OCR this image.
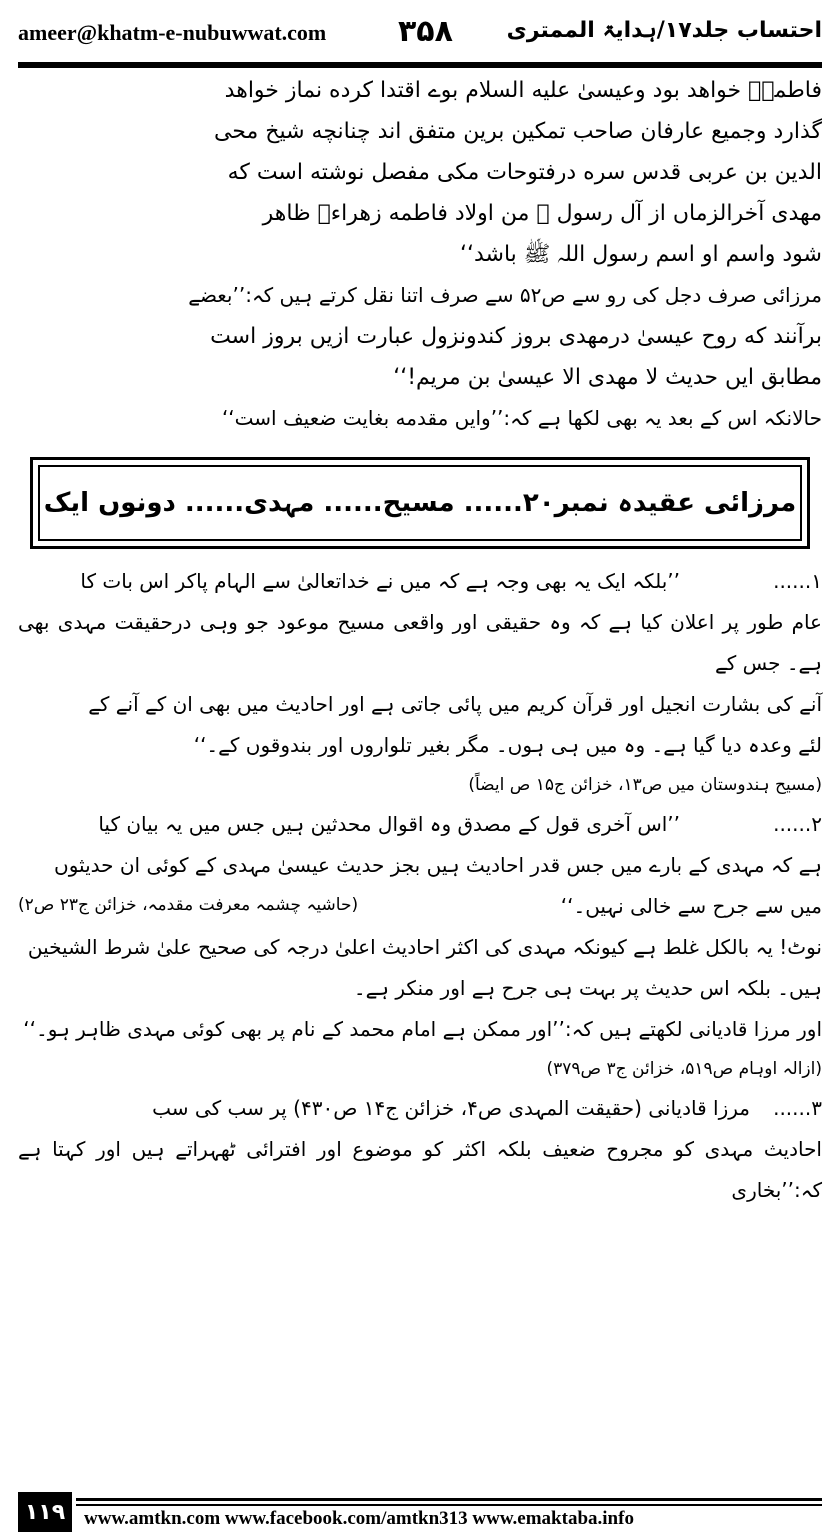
ameer@khatm-e-nubuwwat.com ۳۵۸ احتساب جلد۱۷/ہدایۃ الممتری

فاطمہؓ خواهد بود وعیسیٰ علیه السلام بوے اقتدا کرده نماز خواهد

گذارد وجمیع عارفان صاحب تمکین برین متفق اند چنانچه شیخ محی

الدین بن عربی قدس سره درفتوحات مکی مفصل نوشته است که

مهدی آخرالزماں از آل رسول ﷺ من اولاد فاطمه زهراءؓ ظاهر

شود واسم او اسم رسول اللہ ﷺ باشد‘‘

مرزائی صرف دجل کی رو سے ص۵۲ سے صرف اتنا نقل کرتے ہیں کہ:’’بعضے

برآنند که روح عیسیٰ درمهدی بروز کندونزول عبارت ازیں بروز است

مطابق ایں حدیث لا مهدی الا عیسیٰ بن مریم!‘‘

حالانکہ اس کے بعد یہ بھی لکھا ہے کہ:’’وایں مقدمه بغایت ضعیف است‘‘

مرزائی عقیدہ نمبر۲۰...... مسیح...... مہدی...... دونوں ایک

۱......’’بلکہ ایک یہ بھی وجہ ہے کہ میں نے خداتعالیٰ سے الہام پاکر اس بات کا

عام طور پر اعلان کیا ہے کہ وہ حقیقی اور واقعی مسیح موعود جو وہی درحقیقت مہدی بھی ہے۔ جس کے

آنے کی بشارت انجیل اور قرآن کریم میں پائی جاتی ہے اور احادیث میں بھی ان کے آنے کے

لئے وعدہ دیا گیا ہے۔ وہ میں ہی ہوں۔ مگر بغیر تلواروں اور بندوقوں کے۔‘‘

(مسیح ہندوستان میں ص۱۳، خزائن ج۱۵ ص ایضاً)

۲......’’اس آخری قول کے مصدق وہ اقوال محدثین ہیں جس میں یہ بیان کیا

ہے کہ مہدی کے بارے میں جس قدر احادیث ہیں بجز حدیث عیسیٰ مہدی کے کوئی ان حدیثوں

میں سے جرح سے خالی نہیں۔‘‘
(حاشیہ چشمہ معرفت مقدمہ، خزائن ج۲۳ ص۲)

نوٹ! یہ بالکل غلط ہے کیونکہ مہدی کی اکثر احادیث اعلیٰ درجہ کی صحیح علیٰ شرط الشیخین

ہیں۔ بلکہ اس حدیث پر بہت ہی جرح ہے اور منکر ہے۔

اور مرزا قادیانی لکھتے ہیں کہ:’’اور ممکن ہے امام محمد کے نام پر بھی کوئی مہدی ظاہر ہو۔‘‘

(ازالہ اوہام ص۵۱۹، خزائن ج۳ ص۳۷۹)

۳......مرزا قادیانی (حقیقت المہدی ص۴، خزائن ج۱۴ ص۴۳۰) پر سب کی سب

احادیث مہدی کو مجروح ضعیف بلکہ اکثر کو موضوع اور افترائی ٹھہراتے ہیں اور کہتا ہے کہ:’’بخاری

۱۱۹ www.amtkn.com www.facebook.com/amtkn313 www.emaktaba.info
